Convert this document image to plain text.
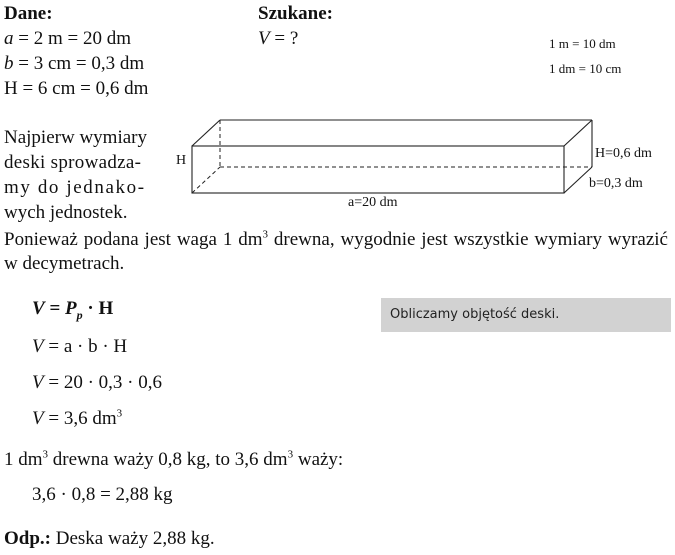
Dane:
a = 2 m = 20 dm
b = 3 cm = 0,3 dm
H = 6 cm = 0,6 dm
Szukane:
V = ?	1 m = 10 dm
1 dm = 10 cm
Najpierw wymiary
deski sprowadza-
my do jednako-
wych jednostek.
H	H=0,6 dm
b=0,3 dm
a=20 dm
Ponieważ podana jest waga 1 $dm^3$ drewna, wygodnie jest wszystkie wymiary wyrazić w decymetrach.
$V = P_p \cdot H$
V = a · b · H
V = 20 · 0,3 · 0,6
V = 3,6 $dm^3$
Obliczamy objętość deski.
1 $dm^3$ drewna waży 0,8 kg, to 3,6 $dm^3$ waży:
3,6 · 0,8 = 2,88 kg
Odp.: Deska waży 2,88 kg.
